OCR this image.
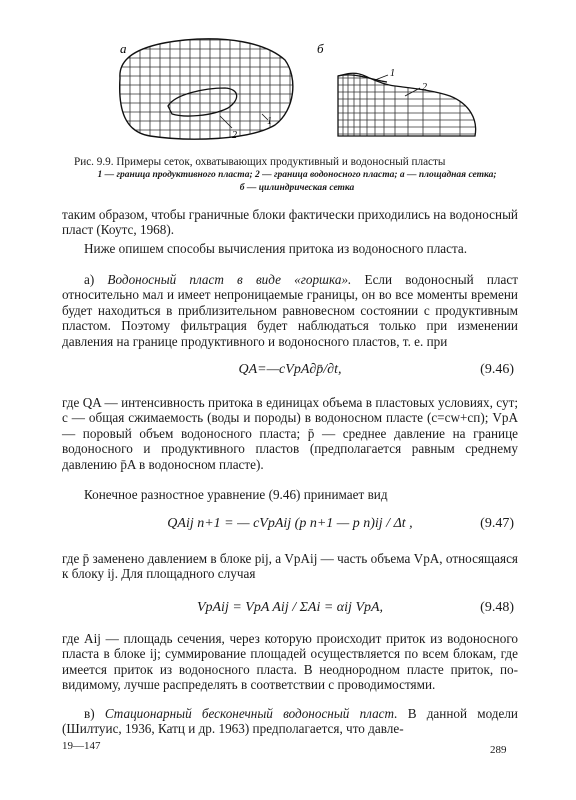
а
1
2
б
1
2
Рис. 9.9. Примеры сеток, охватывающих продуктивный и водоносный пласты
1 — граница продуктивного пласта; 2 — граница водоносного пласта; а — площадная сетка;
б — цилиндрическая сетка

таким образом, чтобы граничные блоки фактически приходились на водоносный пласт (Коутс, 1968).

Ниже опишем способы вычисления притока из водоносного пласта.

а) Водоносный пласт в виде «горшка». Если водоносный пласт относительно мал и имеет непроницаемые границы, он во все моменты времени будет находиться в приблизительном равновесном состоянии с продуктивным пластом. Поэтому фильтрация будет наблюдаться только при изменении давления на границе продуктивного и водоносного пластов, т. е. при

QA=—cVpA∂p̄/∂t,	(9.46)

где QA — интенсивность притока в единицах объема в пластовых условиях, сут; c — общая сжимаемость (воды и породы) в водоносном пласте (c=cw+cп); VpA — поровый объем водоносного пласта; p̄ — среднее давление на границе водоносного и продуктивного пластов (предполагается равным среднему давлению p̄A в водоносном пласте).

Конечное разностное уравнение (9.46) принимает вид

QAij n+1 = — cVpAij (p n+1 — p n)ij / Δt ,	(9.47)

где p̄ заменено давлением в блоке pij, а VpAij — часть объема VpA, относящаяся к блоку ij. Для площадного случая

VpAij = VpA Aij / ΣAi = αij VpA,	(9.48)

где Aij — площадь сечения, через которую происходит приток из водоносного пласта в блоке ij; суммирование площадей осуществляется по всем блокам, где имеется приток из водоносного пласта. В неоднородном пласте приток, по-видимому, лучше распределять в соответствии с проводимостями.

в) Стационарный бесконечный водоносный пласт. В данной модели (Шилтуис, 1936, Катц и др. 1963) предполагается, что давле-

19—147	289
